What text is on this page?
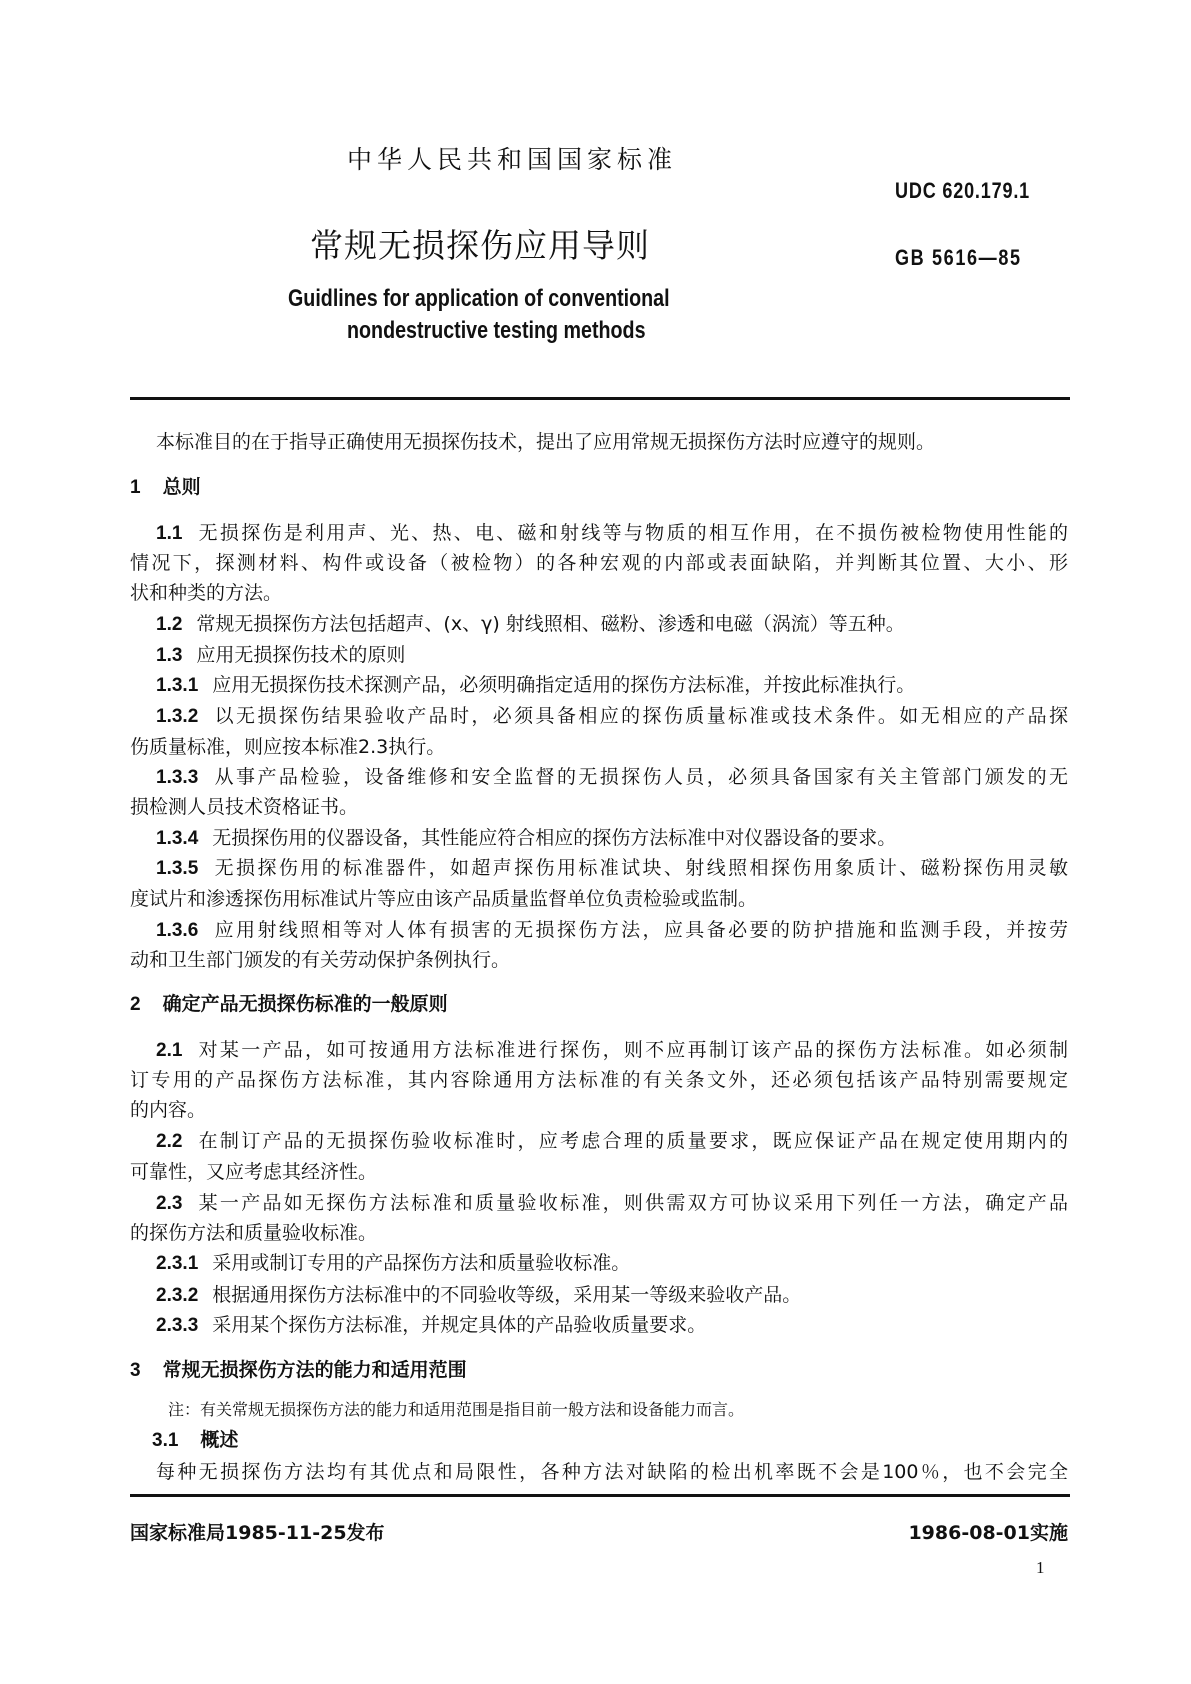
中华人民共和国国家标准
UDC 620.179.1
常规无损探伤应用导则	GB 5616—85
Guidlines for application of conventional
nondestructive testing methods
本标准目的在于指导正确使用无损探伤技术，提出了应用常规无损探伤方法时应遵守的规则。
1 总则
1.1 无损探伤是利用声、光、热、电、磁和射线等与物质的相互作用，在不损伤被检物使用性能的
情况下，探测材料、构件或设备（被检物）的各种宏观的内部或表面缺陷，并判断其位置、大小、形
状和种类的方法。
1.2 常规无损探伤方法包括超声、(x、γ) 射线照相、磁粉、渗透和电磁（涡流）等五种。
1.3 应用无损探伤技术的原则
1.3.1 应用无损探伤技术探测产品，必须明确指定适用的探伤方法标准，并按此标准执行。
1.3.2 以无损探伤结果验收产品时，必须具备相应的探伤质量标准或技术条件。如无相应的产品探
伤质量标准，则应按本标准2.3执行。
1.3.3 从事产品检验，设备维修和安全监督的无损探伤人员，必须具备国家有关主管部门颁发的无
损检测人员技术资格证书。
1.3.4 无损探伤用的仪器设备，其性能应符合相应的探伤方法标准中对仪器设备的要求。
1.3.5 无损探伤用的标准器件，如超声探伤用标准试块、射线照相探伤用象质计、磁粉探伤用灵敏
度试片和渗透探伤用标准试片等应由该产品质量监督单位负责检验或监制。
1.3.6 应用射线照相等对人体有损害的无损探伤方法，应具备必要的防护措施和监测手段，并按劳
动和卫生部门颁发的有关劳动保护条例执行。
2 确定产品无损探伤标准的一般原则
2.1 对某一产品，如可按通用方法标准进行探伤，则不应再制订该产品的探伤方法标准。如必须制
订专用的产品探伤方法标准，其内容除通用方法标准的有关条文外，还必须包括该产品特别需要规定
的内容。
2.2 在制订产品的无损探伤验收标准时，应考虑合理的质量要求，既应保证产品在规定使用期内的
可靠性，又应考虑其经济性。
2.3 某一产品如无探伤方法标准和质量验收标准，则供需双方可协议采用下列任一方法，确定产品
的探伤方法和质量验收标准。
2.3.1 采用或制订专用的产品探伤方法和质量验收标准。
2.3.2 根据通用探伤方法标准中的不同验收等级，采用某一等级来验收产品。
2.3.3 采用某个探伤方法标准，并规定具体的产品验收质量要求。
3 常规无损探伤方法的能力和适用范围
注：有关常规无损探伤方法的能力和适用范围是指目前一般方法和设备能力而言。
3.1 概述
每种无损探伤方法均有其优点和局限性，各种方法对缺陷的检出机率既不会是100％，也不会完全
国家标准局1985-11-25发布	1986-08-01实施
1
